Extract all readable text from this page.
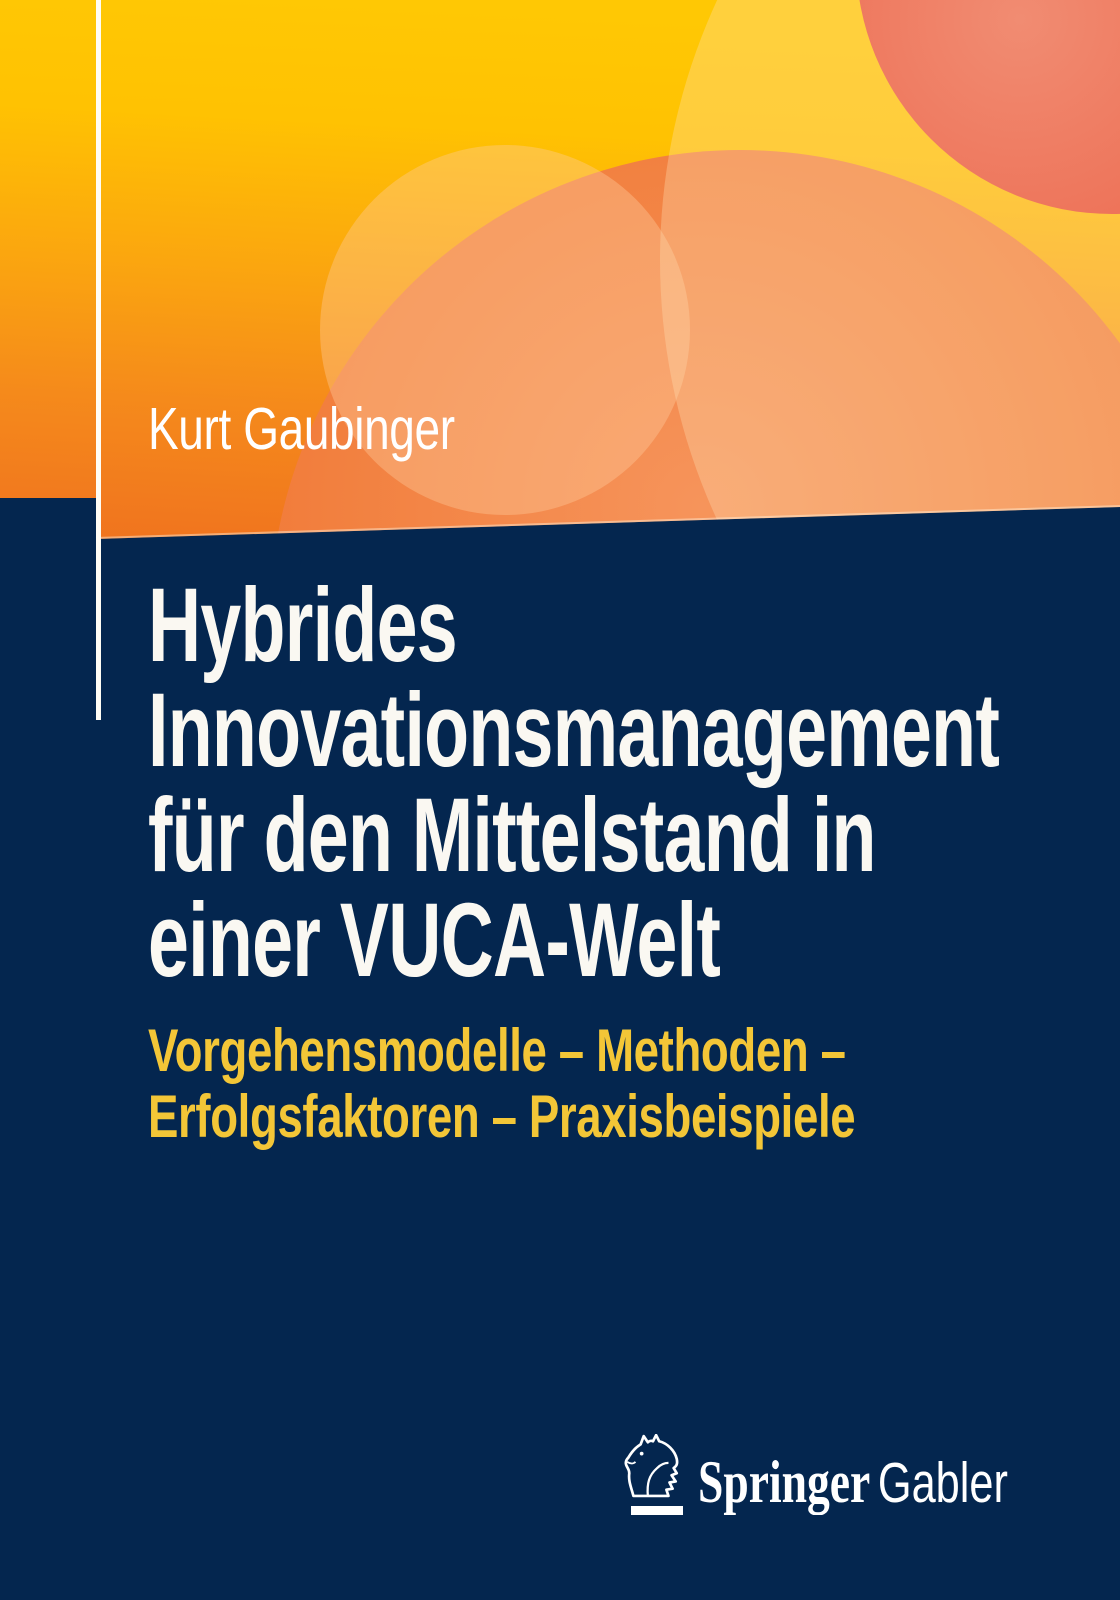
Kurt Gaubinger
Hybrides
Innovationsmanagement
für den Mittelstand in
einer VUCA-Welt
Vorgehensmodelle – Methoden –
Erfolgsfaktoren – Praxisbeispiele
Springer Gabler
